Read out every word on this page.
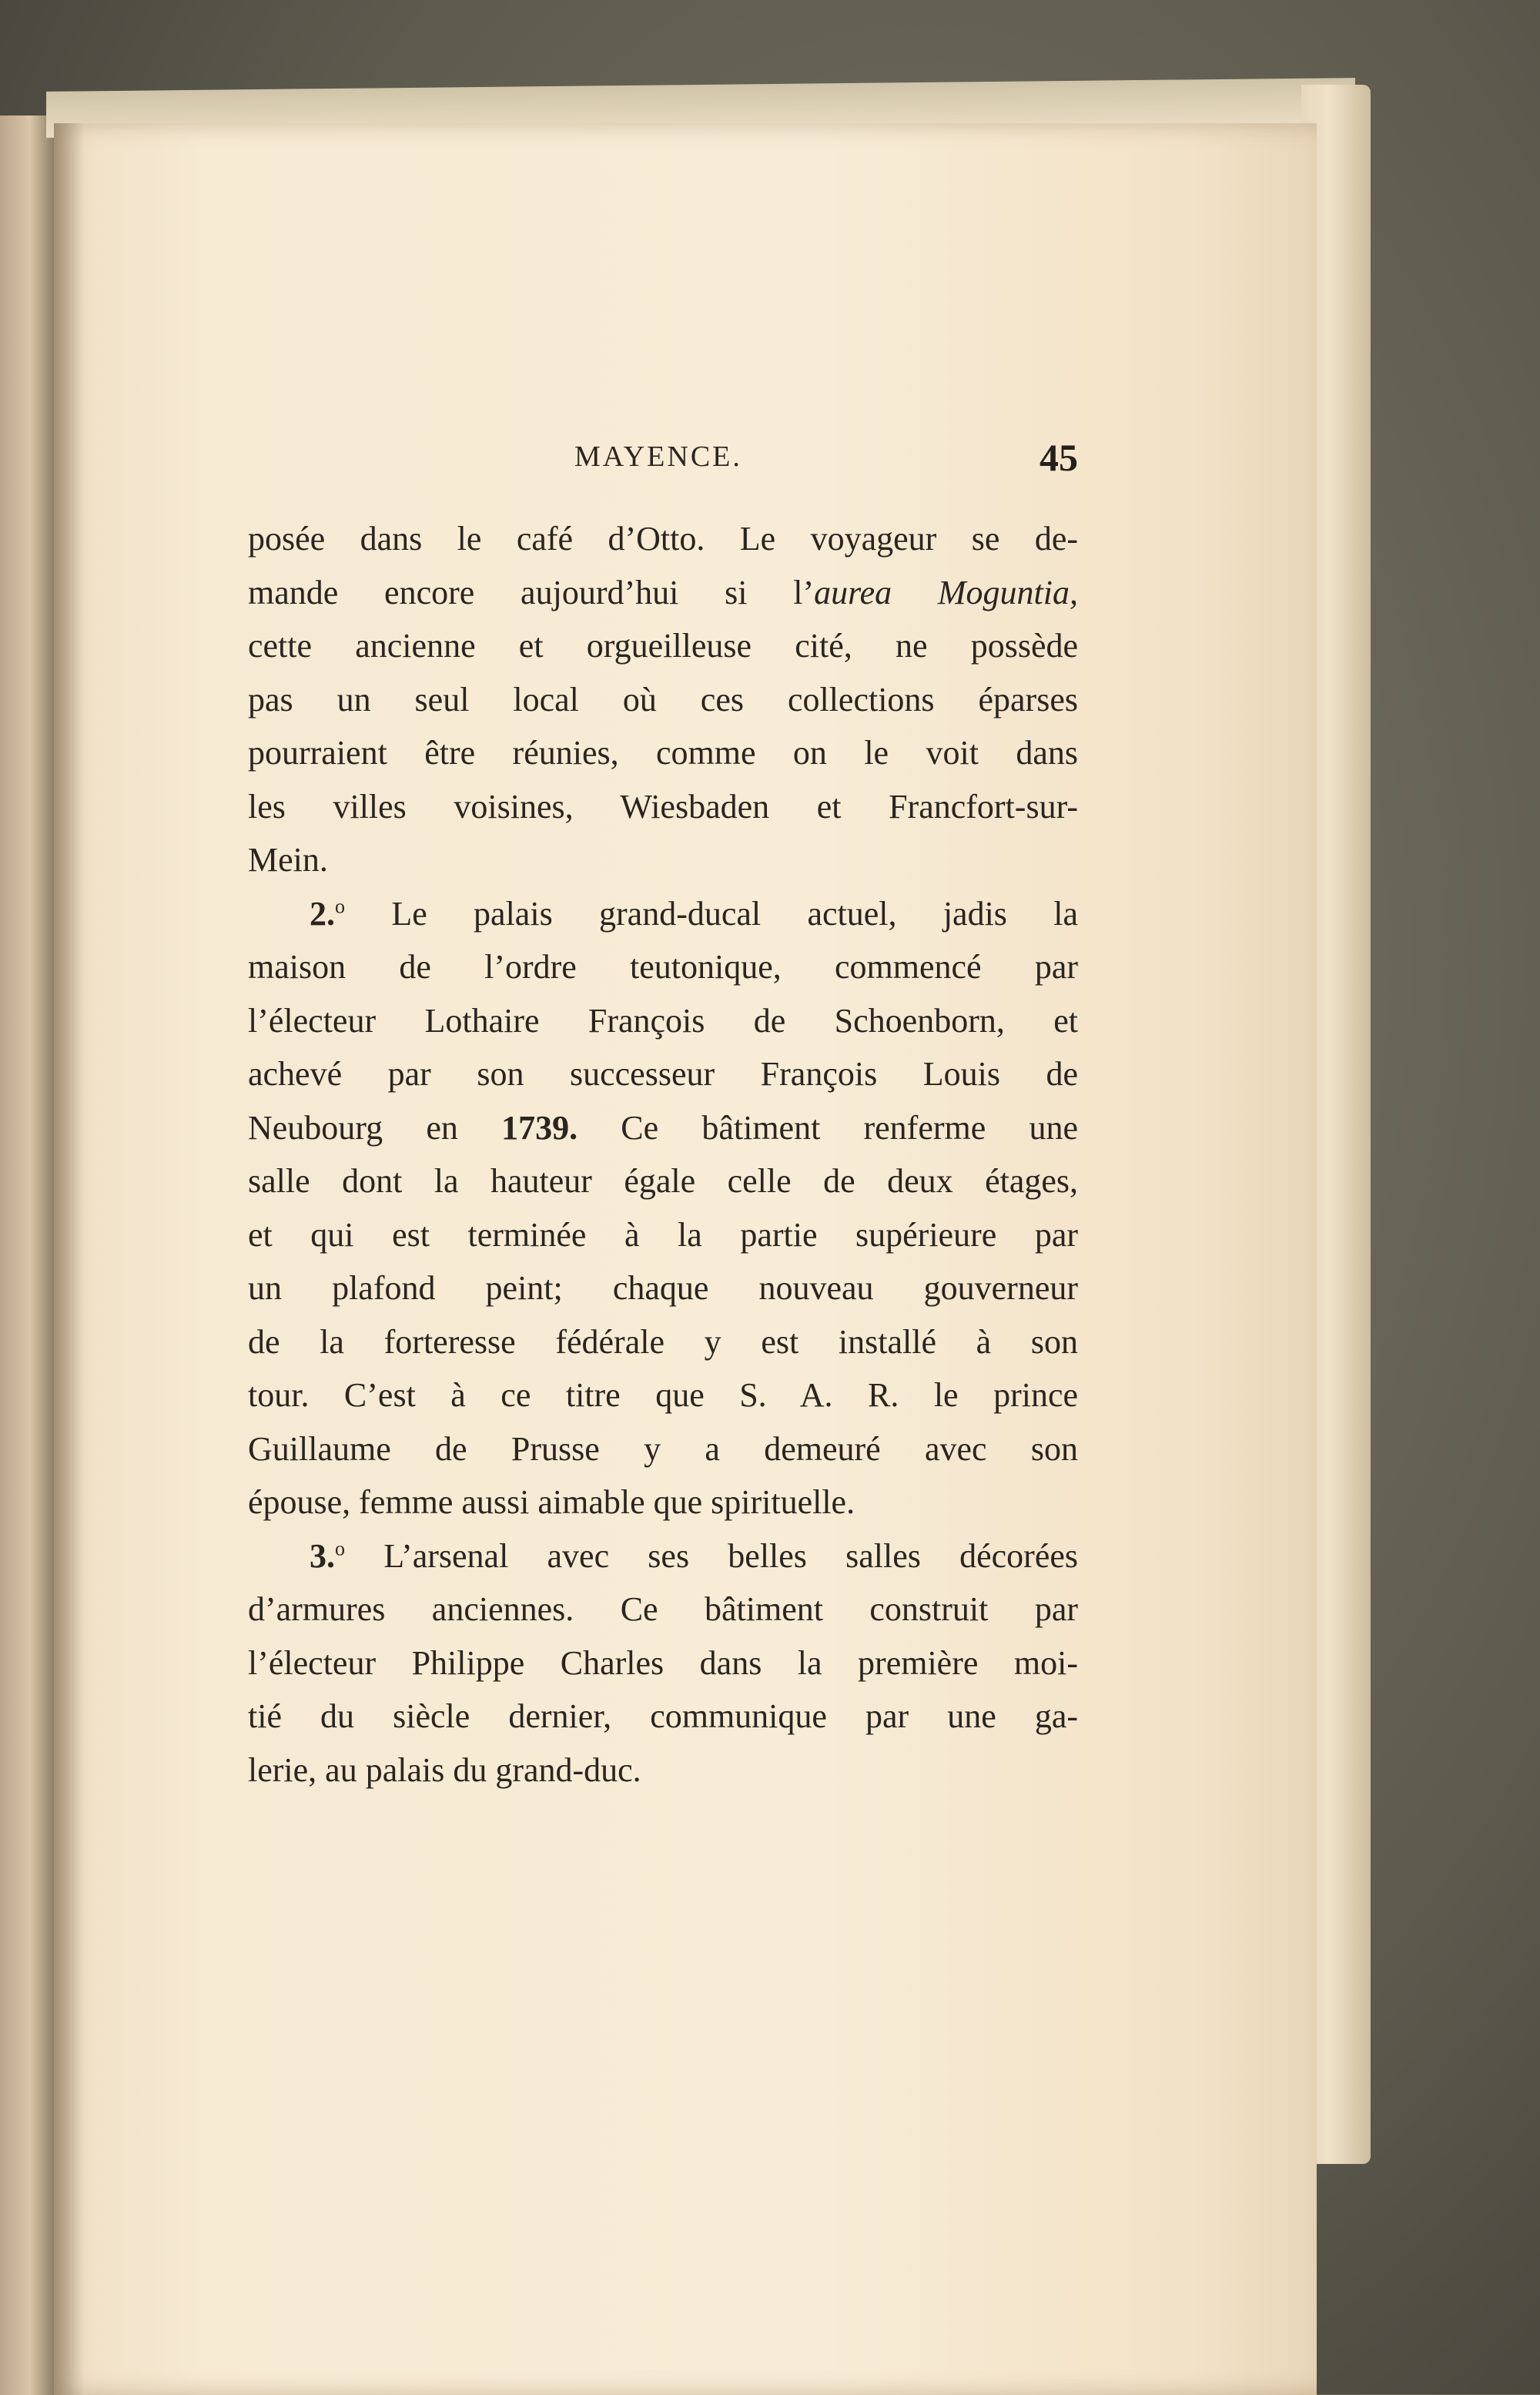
MAYENCE.	45
posée dans le café d’Otto. Le voyageur se de-
mande encore aujourd’hui si l’aurea Moguntia,
cette ancienne et orgueilleuse cité, ne possède
pas un seul local où ces collections éparses
pourraient être réunies, comme on le voit dans
les villes voisines, Wiesbaden et Francfort-sur-
Mein.
2.$^o$ Le palais grand-ducal actuel, jadis la
maison de l’ordre teutonique, commencé par
l’électeur Lothaire François de Schoenborn, et
achevé par son successeur François Louis de
Neubourg en 1739. Ce bâtiment renferme une
salle dont la hauteur égale celle de deux étages,
et qui est terminée à la partie supérieure par
un plafond peint; chaque nouveau gouverneur
de la forteresse fédérale y est installé à son
tour. C’est à ce titre que S. A. R. le prince
Guillaume de Prusse y a demeuré avec son
épouse, femme aussi aimable que spirituelle.
3.$^o$ L’arsenal avec ses belles salles décorées
d’armures anciennes. Ce bâtiment construit par
l’électeur Philippe Charles dans la première moi-
tié du siècle dernier, communique par une ga-
lerie, au palais du grand-duc.
